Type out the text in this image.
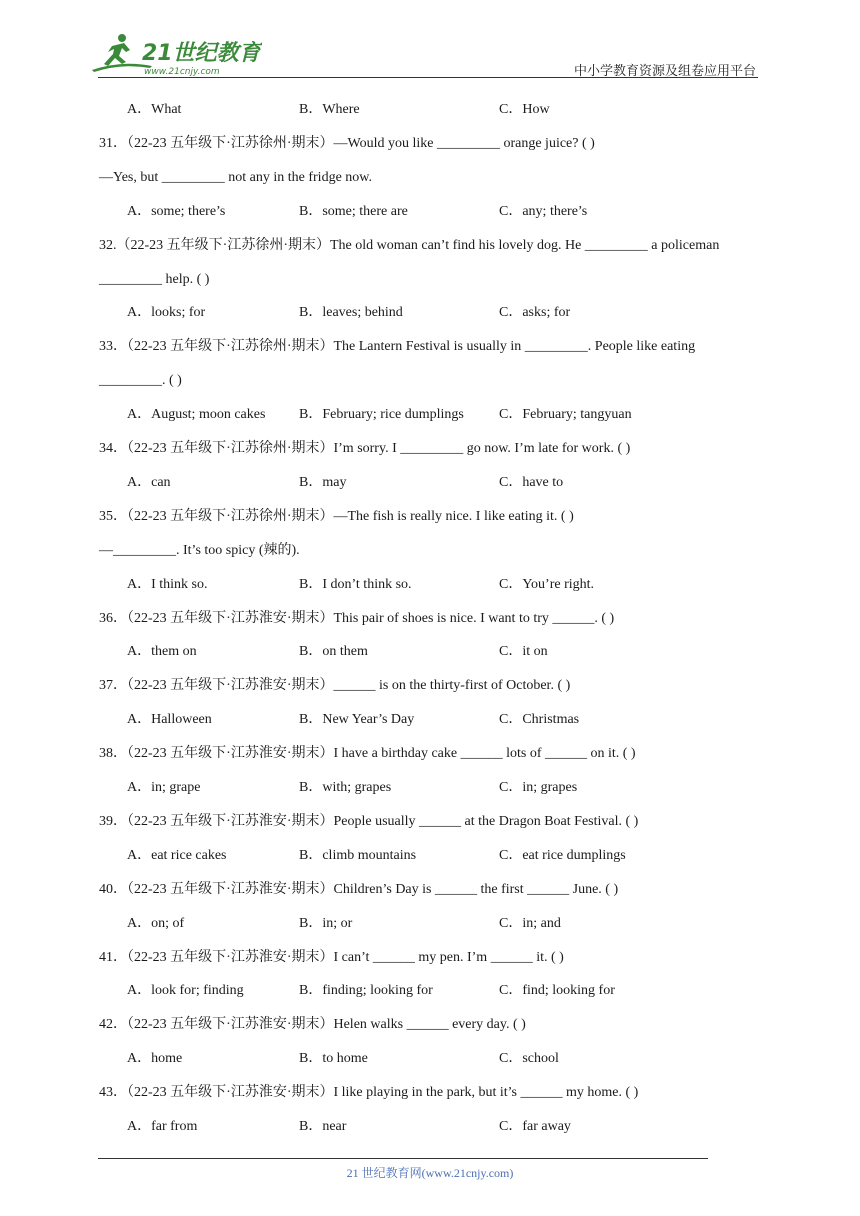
21世纪教育
www.21cnjy.com	中小学教育资源及组卷应用平台
A．What	B．Where	C．How
31．（22-23 五年级下·江苏徐州·期末）—Would you like _________ orange juice? ( )
—Yes, but _________ not any in the fridge now.
A．some; there’s	B．some; there are	C．any; there’s
32.（22-23 五年级下·江苏徐州·期末）The old woman can’t find his lovely dog. He _________ a policeman
_________ help. ( )
A．looks; for	B．leaves; behind	C．asks; for
33．（22-23 五年级下·江苏徐州·期末）The Lantern Festival is usually in _________. People like eating
_________. ( )
A．August; moon cakes B．February; rice dumplings	C．February; tangyuan
34．（22-23 五年级下·江苏徐州·期末）I’m sorry. I _________ go now. I’m late for work. ( )
A．can	B．may	C．have to
35．（22-23 五年级下·江苏徐州·期末）—The fish is really nice. I like eating it. ( )
—_________. It’s too spicy (辣的).
A．I think so.	B．I don’t think so.	C．You’re right.
36．（22-23 五年级下·江苏淮安·期末）This pair of shoes is nice. I want to try ______. ( )
A．them on	B．on them	C．it on
37．（22-23 五年级下·江苏淮安·期末）______ is on the thirty-first of October. ( )
A．Halloween	B．New Year’s Day	C．Christmas
38．（22-23 五年级下·江苏淮安·期末）I have a birthday cake ______ lots of ______ on it. ( )
A．in; grape	B．with; grapes	C．in; grapes
39．（22-23 五年级下·江苏淮安·期末）People usually ______ at the Dragon Boat Festival. ( )
A．eat rice cakes	B．climb mountains	C．eat rice dumplings
40．（22-23 五年级下·江苏淮安·期末）Children’s Day is ______ the first ______ June. ( )
A．on; of	B．in; or	C．in; and
41．（22-23 五年级下·江苏淮安·期末）I can’t ______ my pen. I’m ______ it. ( )
A．look for; finding	B．finding; looking for	C．find; looking for
42．（22-23 五年级下·江苏淮安·期末）Helen walks ______ every day. ( )
A．home	B．to home	C．school
43．（22-23 五年级下·江苏淮安·期末）I like playing in the park, but it’s ______ my home. ( )
A．far from	B．near	C．far away
21 世纪教育网(www.21cnjy.com)
